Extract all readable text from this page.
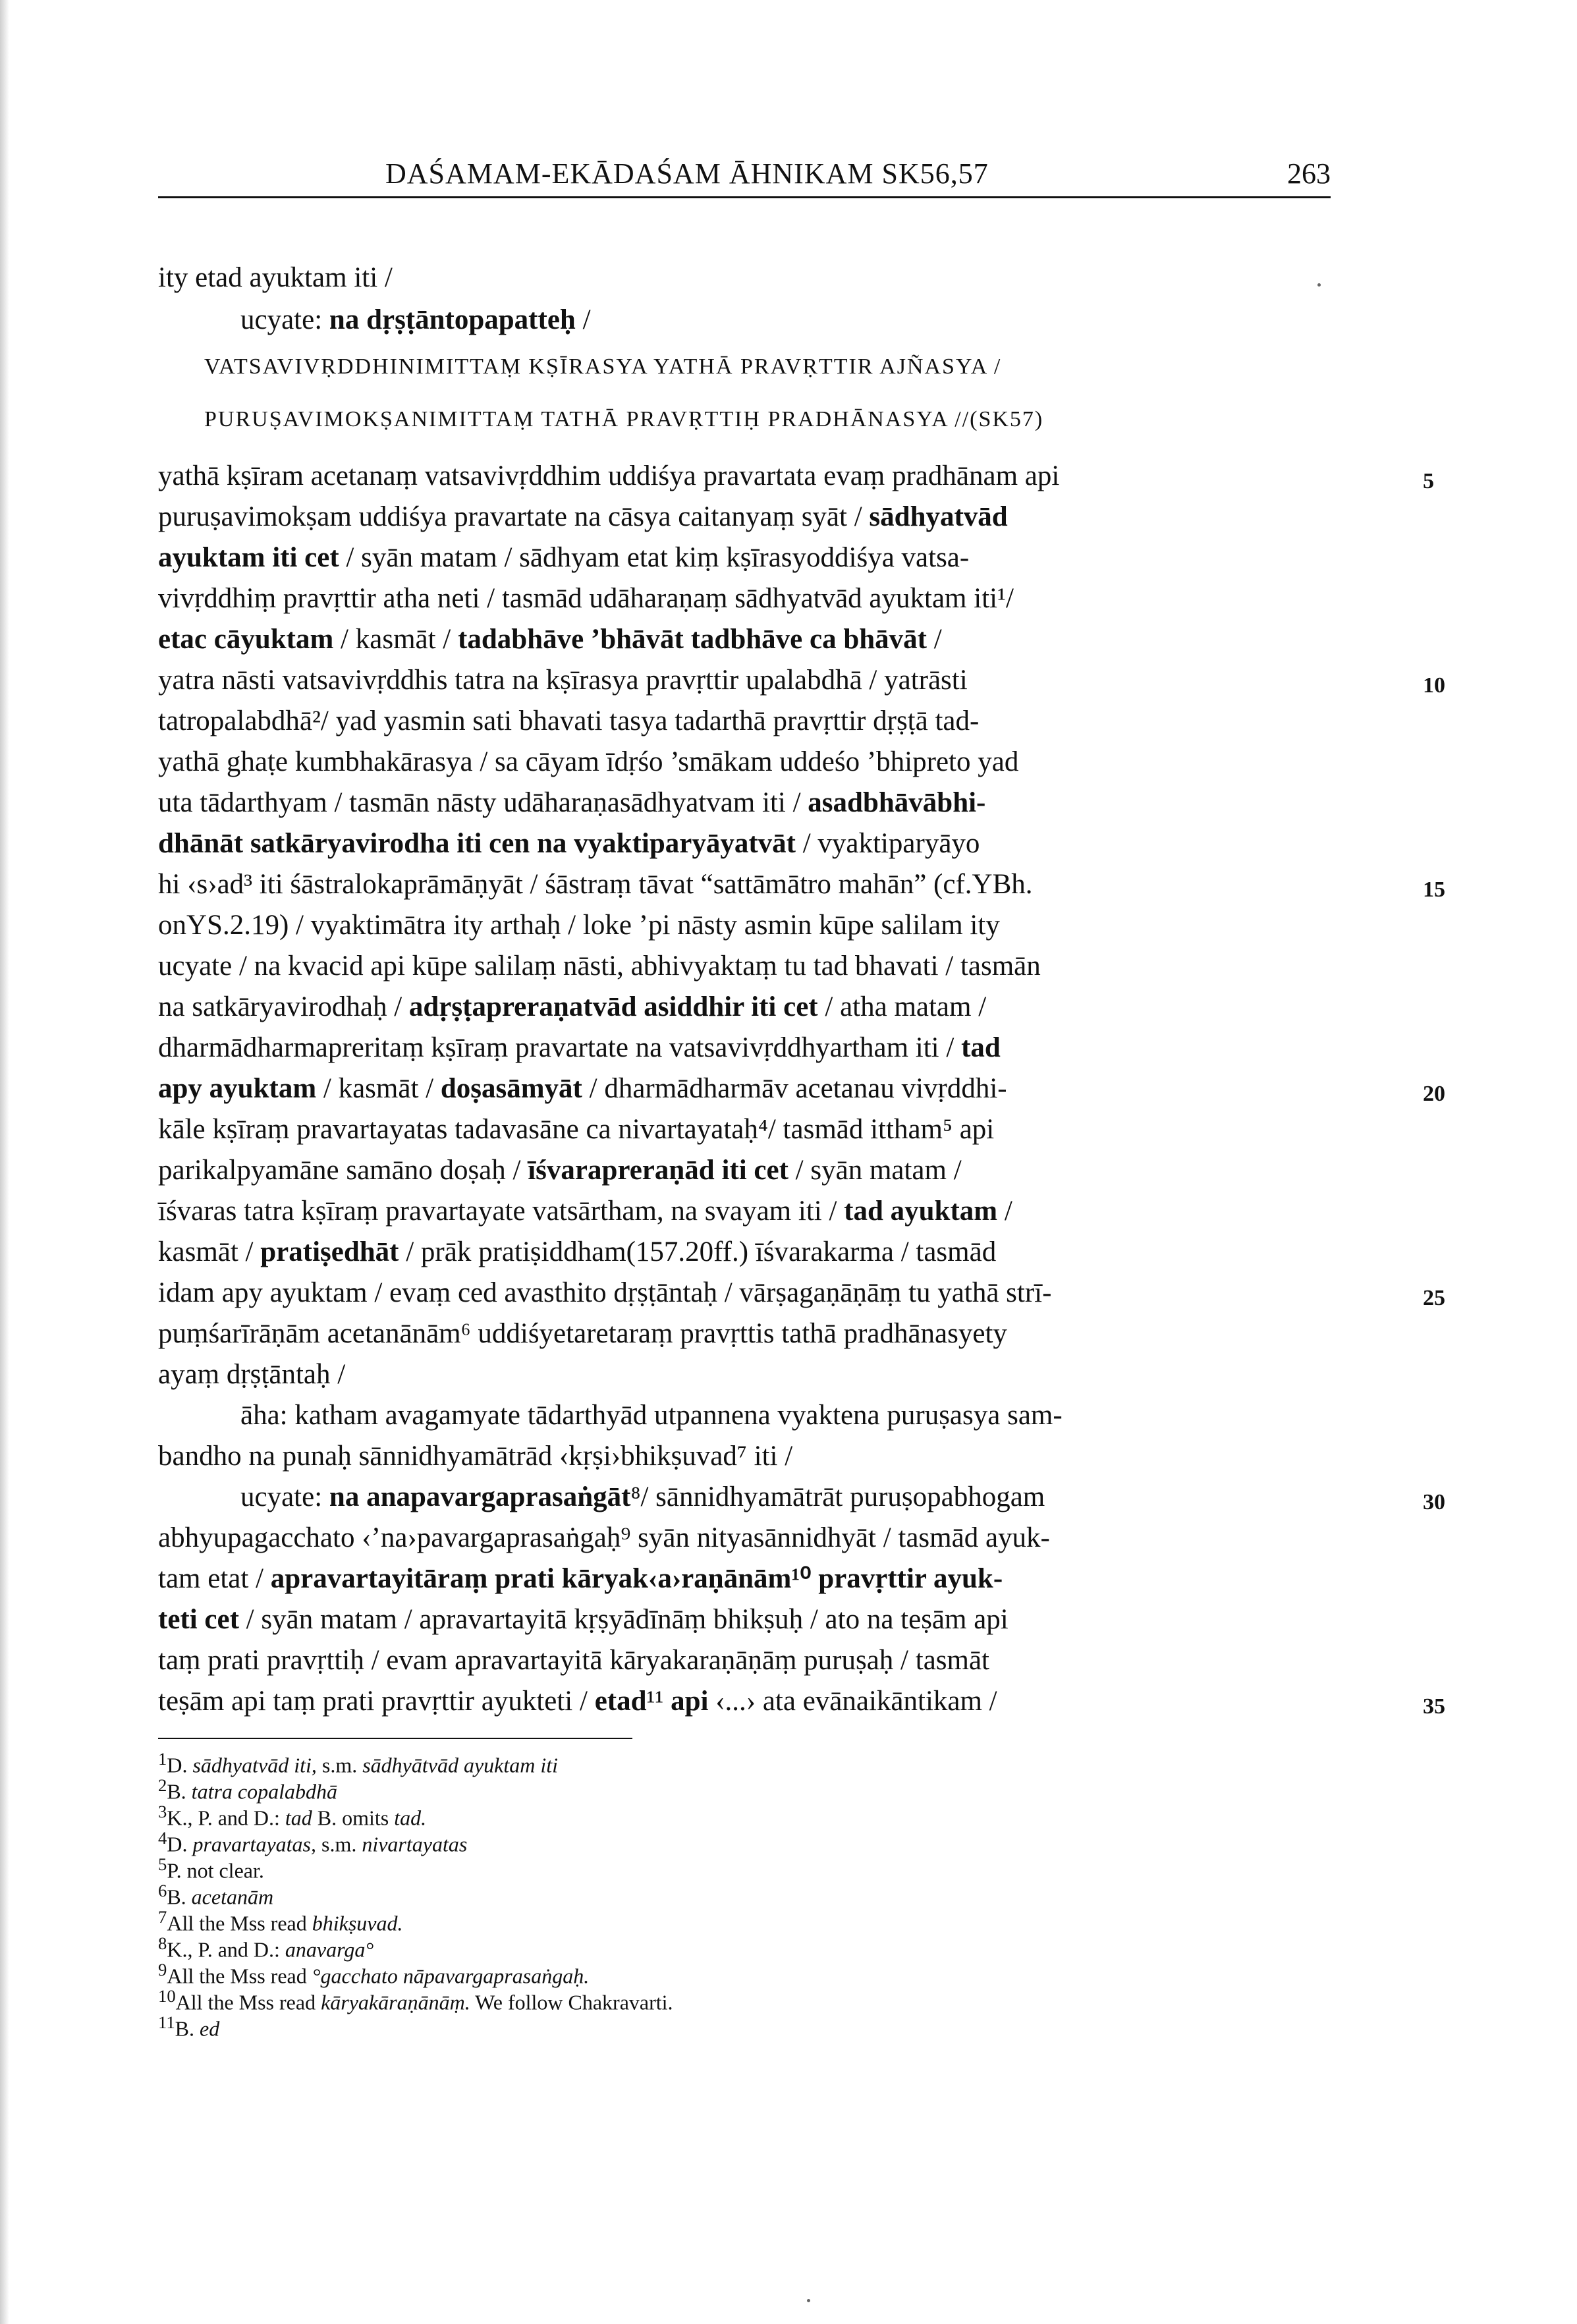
DAŚAMAM-EKĀDAŚAM ĀHNIKAM SK56,57	263
ity etad ayuktam iti /
ucyate: na dṛṣṭāntopapatteḥ /
VATSAVIVṚDDHINIMITTAṂ KṢĪRASYA YATHĀ PRAVṚTTIR AJÑASYA /
PURUṢAVIMOKṢANIMITTAṂ TATHĀ PRAVṚTTIḤ PRADHĀNASYA //(SK57)
yathā kṣīram acetanaṃ vatsavivṛddhim uddiśya pravartata evaṃ pradhānam api
puruṣavimokṣam uddiśya pravartate na cāsya caitanyaṃ syāt / sādhyatvād
ayuktam iti cet / syān matam / sādhyam etat kiṃ kṣīrasyoddiśya vatsa-
vivṛddhiṃ pravṛttir atha neti / tasmād udāharaṇaṃ sādhyatvād ayuktam iti¹/
etac cāyuktam / kasmāt / tadabhāve ’bhāvāt tadbhāve ca bhāvāt /
yatra nāsti vatsavivṛddhis tatra na kṣīrasya pravṛttir upalabdhā / yatrāsti
tatropalabdhā²/ yad yasmin sati bhavati tasya tadarthā pravṛttir dṛṣṭā tad-
yathā ghaṭe kumbhakārasya / sa cāyam īdṛśo ’smākam uddeśo ’bhipreto yad
uta tādarthyam / tasmān nāsty udāharaṇasādhyatvam iti / asadbhāvābhi-
dhānāt satkāryavirodha iti cen na vyaktiparyāyatvāt / vyaktiparyāyo
hi ‹s›ad³ iti śāstralokaprāmāṇyāt / śāstraṃ tāvat “sattāmātro mahān” (cf.YBh.
onYS.2.19) / vyaktimātra ity arthaḥ / loke ’pi nāsty asmin kūpe salilam ity
ucyate / na kvacid api kūpe salilaṃ nāsti, abhivyaktaṃ tu tad bhavati / tasmān
na satkāryavirodhaḥ / adṛṣṭapreraṇatvād asiddhir iti cet / atha matam /
dharmādharmapreritaṃ kṣīraṃ pravartate na vatsavivṛddhyartham iti / tad
apy ayuktam / kasmāt / doṣasāmyāt / dharmādharmāv acetanau vivṛddhi-
kāle kṣīraṃ pravartayatas tadavasāne ca nivartayataḥ⁴/ tasmād ittham⁵ api
parikalpyamāne samāno doṣaḥ / īśvarapreraṇād iti cet / syān matam /
īśvaras tatra kṣīraṃ pravartayate vatsārtham, na svayam iti / tad ayuktam /
kasmāt / pratiṣedhāt / prāk pratiṣiddham(157.20ff.) īśvarakarma / tasmād
idam apy ayuktam / evaṃ ced avasthito dṛṣṭāntaḥ / vārṣagaṇāṇāṃ tu yathā strī-
puṃśarīrāṇām acetanānām⁶ uddiśyetaretaraṃ pravṛttis tathā pradhānasyety
ayaṃ dṛṣṭāntaḥ /
āha: katham avagamyate tādarthyād utpannena vyaktena puruṣasya sam-
bandho na punaḥ sānnidhyamātrād ‹kṛṣi›bhikṣuvad⁷ iti /
ucyate: na anapavargaprasaṅgāt⁸/ sānnidhyamātrāt puruṣopabhogam
abhyupagacchato ‹’na›pavargaprasaṅgaḥ⁹ syān nityasānnidhyāt / tasmād ayuk-
tam etat / apravartayitāraṃ prati kāryak‹a›raṇānām¹⁰ pravṛttir ayuk-
teti cet / syān matam / apravartayitā kṛṣyādīnāṃ bhikṣuḥ / ato na teṣām api
taṃ prati pravṛttiḥ / evam apravartayitā kāryakaraṇāṇāṃ puruṣaḥ / tasmāt
teṣām api taṃ prati pravṛttir ayukteti / etad¹¹ api ‹...› ata evānaikāntikam /
5
10
15
20
25
30
35
$^1$D. sādhyatvād iti, s.m. sādhyātvād ayuktam iti
$^2$B. tatra copalabdhā
$^3$K., P. and D.: tad B. omits tad.
$^4$D. pravartayatas, s.m. nivartayatas
$^5$P. not clear.
$^6$B. acetanām
$^7$All the Mss read bhikṣuvad.
$^8$K., P. and D.: anavarga°
$^9$All the Mss read °gacchato nāpavargaprasaṅgaḥ.
$^{10}$All the Mss read kāryakāraṇānāṃ. We follow Chakravarti.
$^{11}$B. ed
